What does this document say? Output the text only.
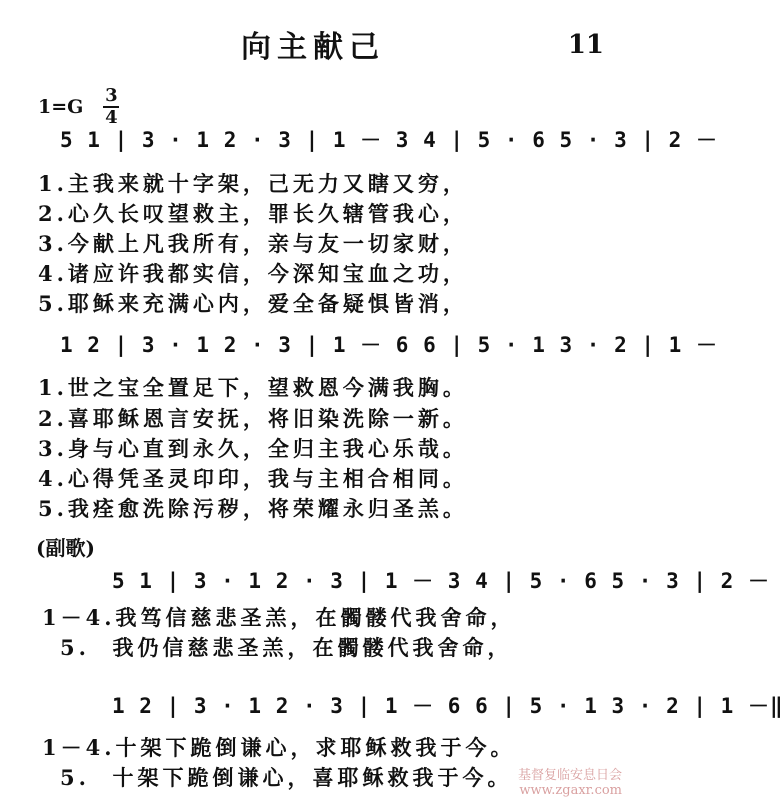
向主献己	11
$1=G \frac{3}{4}$
5 1 | 3 · 1 2 · 3 | 1 － 3 4 | 5 · 6 5 · 3 | 2 －
1.主我来就十字架，己无力又瞎又穷，
2.心久长叹望救主，罪长久辖管我心，
3.今献上凡我所有，亲与友一切家财，
4.诸应许我都实信，今深知宝血之功，
5.耶稣来充满心内，爱全备疑惧皆消，
1 2 | 3 · 1 2 · 3 | 1 － 6 6 | 5 · 1 3 · 2 | 1 －
1.世之宝全置足下，望救恩今满我胸。
2.喜耶稣恩言安抚，将旧染洗除一新。
3.身与心直到永久，全归主我心乐哉。
4.心得凭圣灵印印，我与主相合相同。
5.我痊愈洗除污秽，将荣耀永归圣羔。
(副歌)
5 1 | 3 · 1 2 · 3 | 1 － 3 4 | 5 · 6 5 · 3 | 2 －
1－4.我笃信慈悲圣羔，在髑髅代我舍命，
5.  我仍信慈悲圣羔，在髑髅代我舍命，
1 2 | 3 · 1 2 · 3 | 1 － 6 6 | 5 · 1 3 · 2 | 1 －‖
1－4.十架下跪倒谦心，求耶稣救我于今。
5.  十架下跪倒谦心，喜耶稣救我于今。 基督复临安息日会
www.zgaxr.com
